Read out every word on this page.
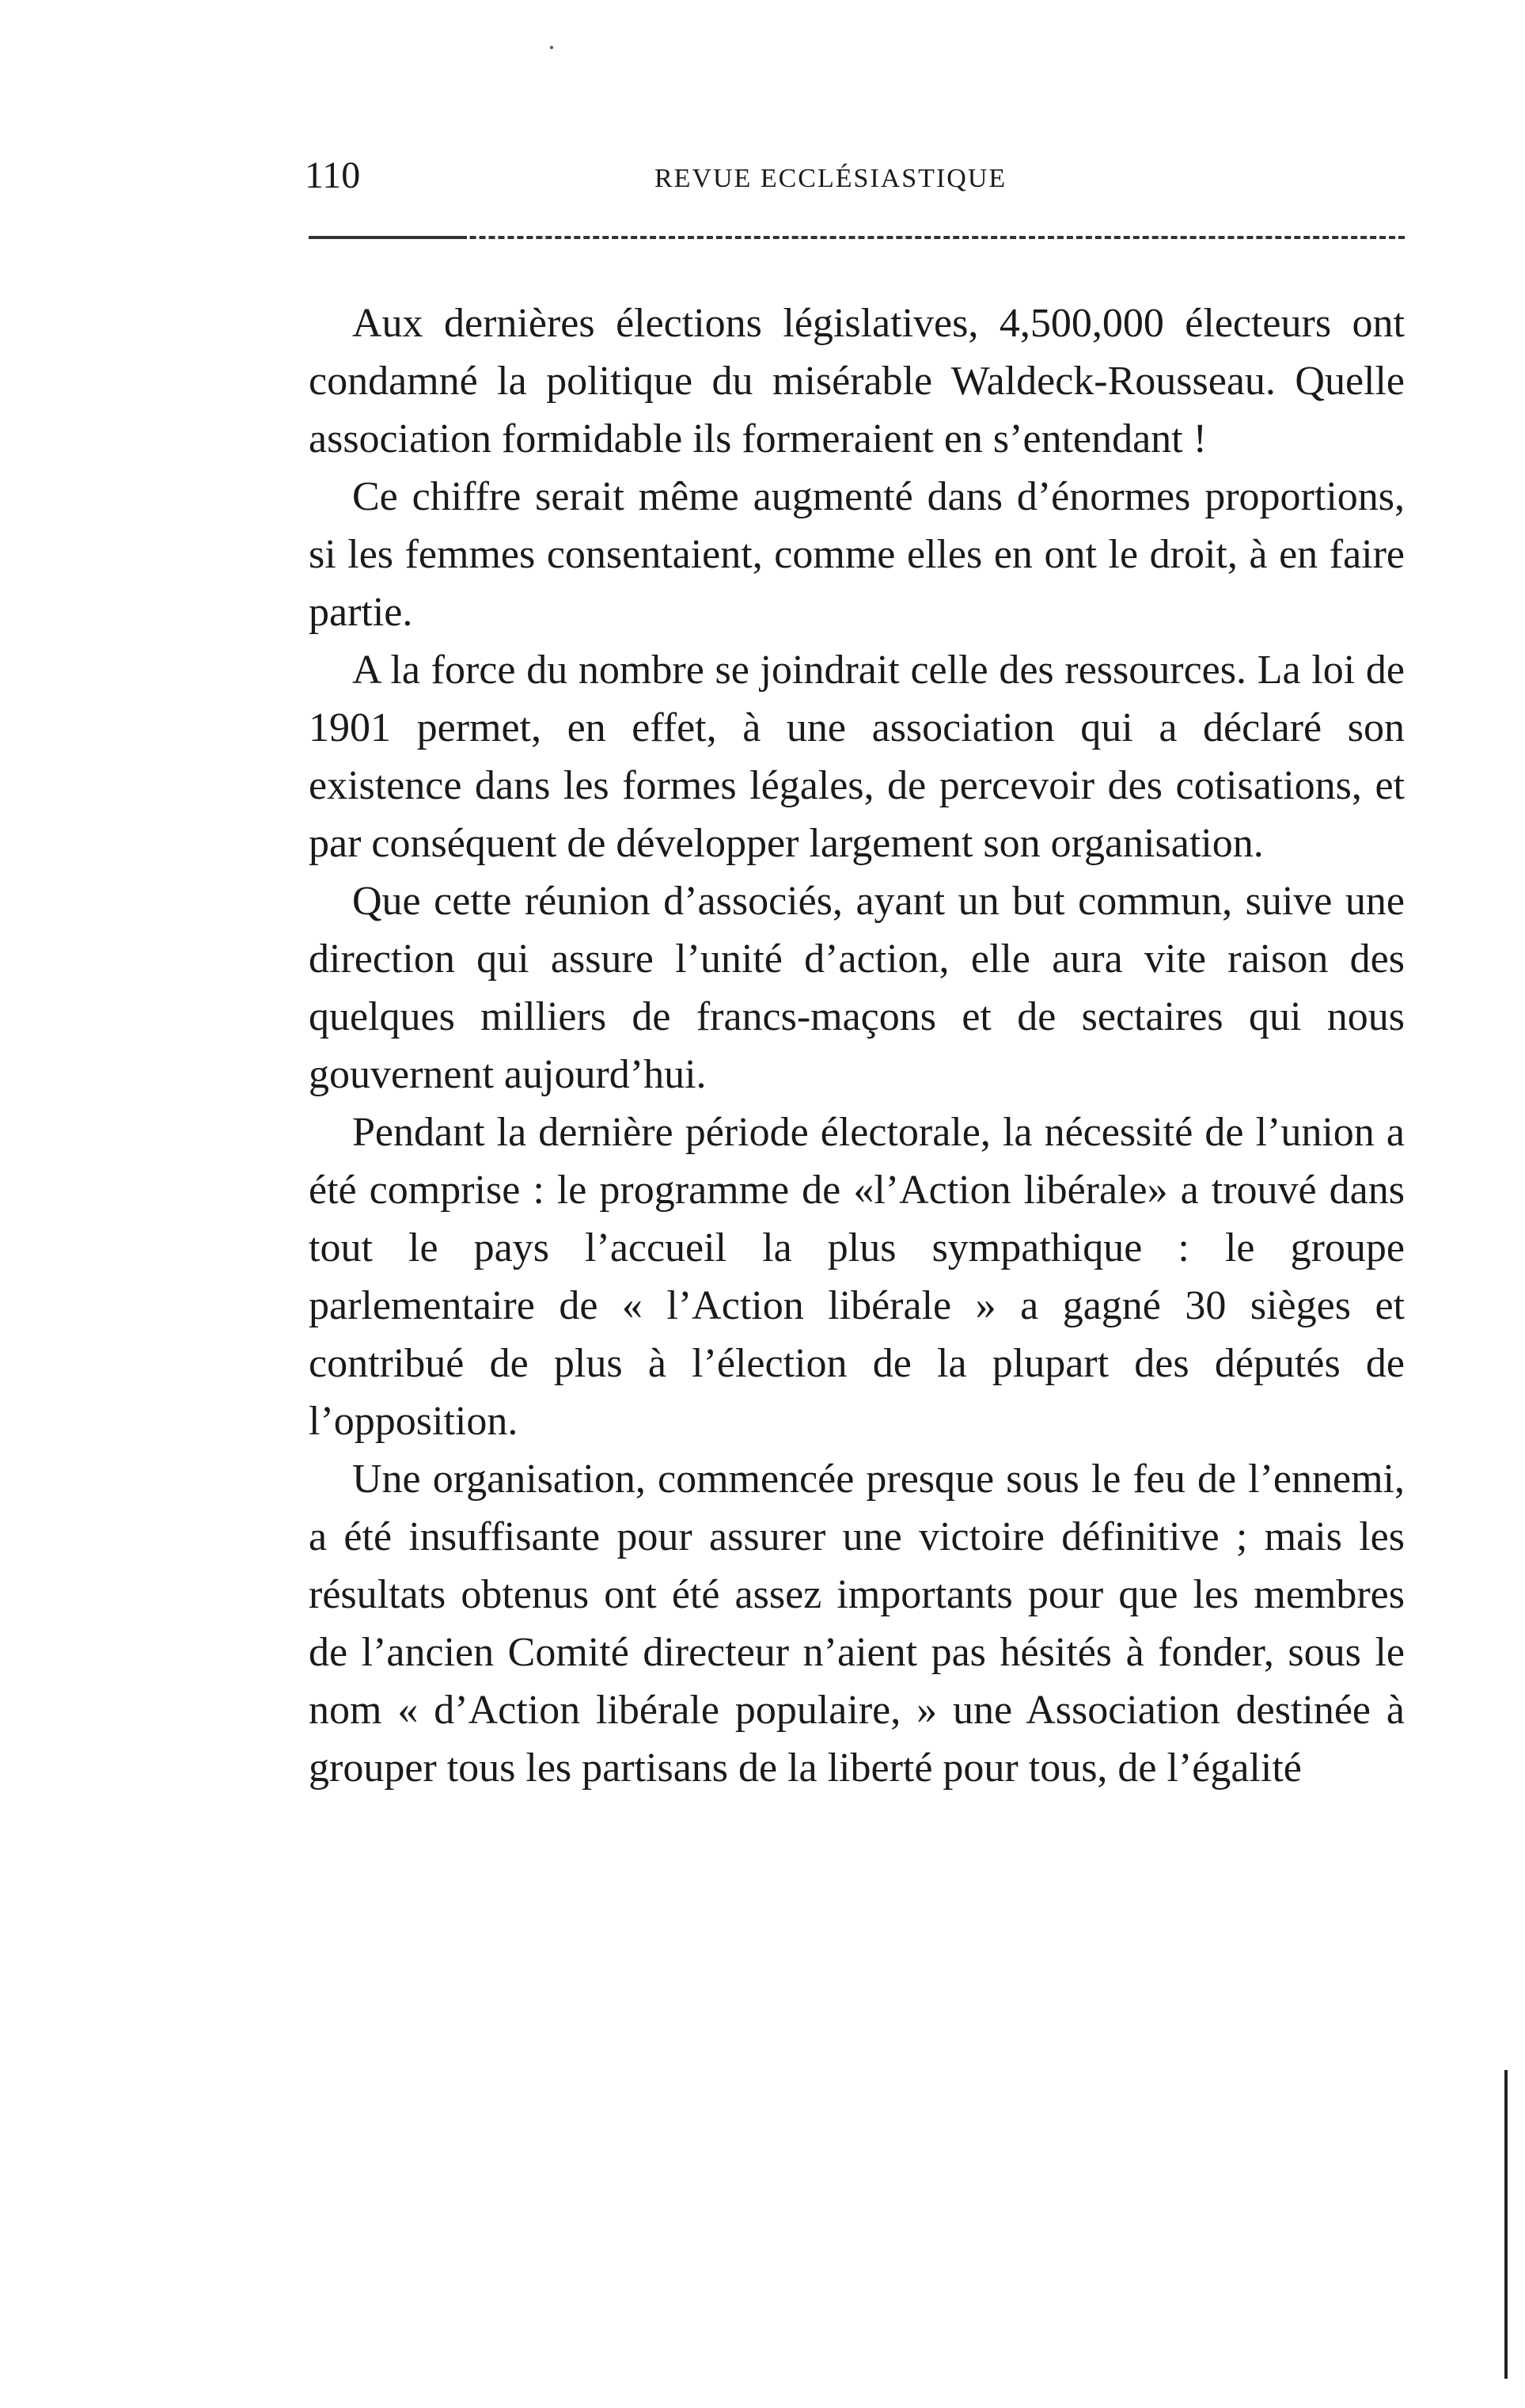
110	REVUE ECCLÉSIASTIQUE

Aux dernières élections législatives, 4,500,000 électeurs ont condamné la politique du misérable Waldeck-Rousseau. Quelle association formidable ils formeraient en s’entendant !

Ce chiffre serait même augmenté dans d’énormes proportions, si les femmes consentaient, comme elles en ont le droit, à en faire partie.

A la force du nombre se joindrait celle des ressources. La loi de 1901 permet, en effet, à une association qui a déclaré son existence dans les formes légales, de percevoir des cotisations, et par conséquent de développer largement son organisation.

Que cette réunion d’associés, ayant un but commun, suive une direction qui assure l’unité d’action, elle aura vite raison des quelques milliers de francs-maçons et de sectaires qui nous gouvernent aujourd’hui.

Pendant la dernière période électorale, la nécessité de l’union a été comprise : le programme de «l’Action libérale» a trouvé dans tout le pays l’accueil la plus sympathique : le groupe parlementaire de « l’Action libérale » a gagné 30 sièges et contribué de plus à l’élection de la plupart des députés de l’opposition.

Une organisation, commencée presque sous le feu de l’ennemi, a été insuffisante pour assurer une victoire définitive ; mais les résultats obtenus ont été assez importants pour que les membres de l’ancien Comité directeur n’aient pas hésités à fonder, sous le nom « d’Action libérale populaire, » une Association destinée à grouper tous les partisans de la liberté pour tous, de l’égalité
